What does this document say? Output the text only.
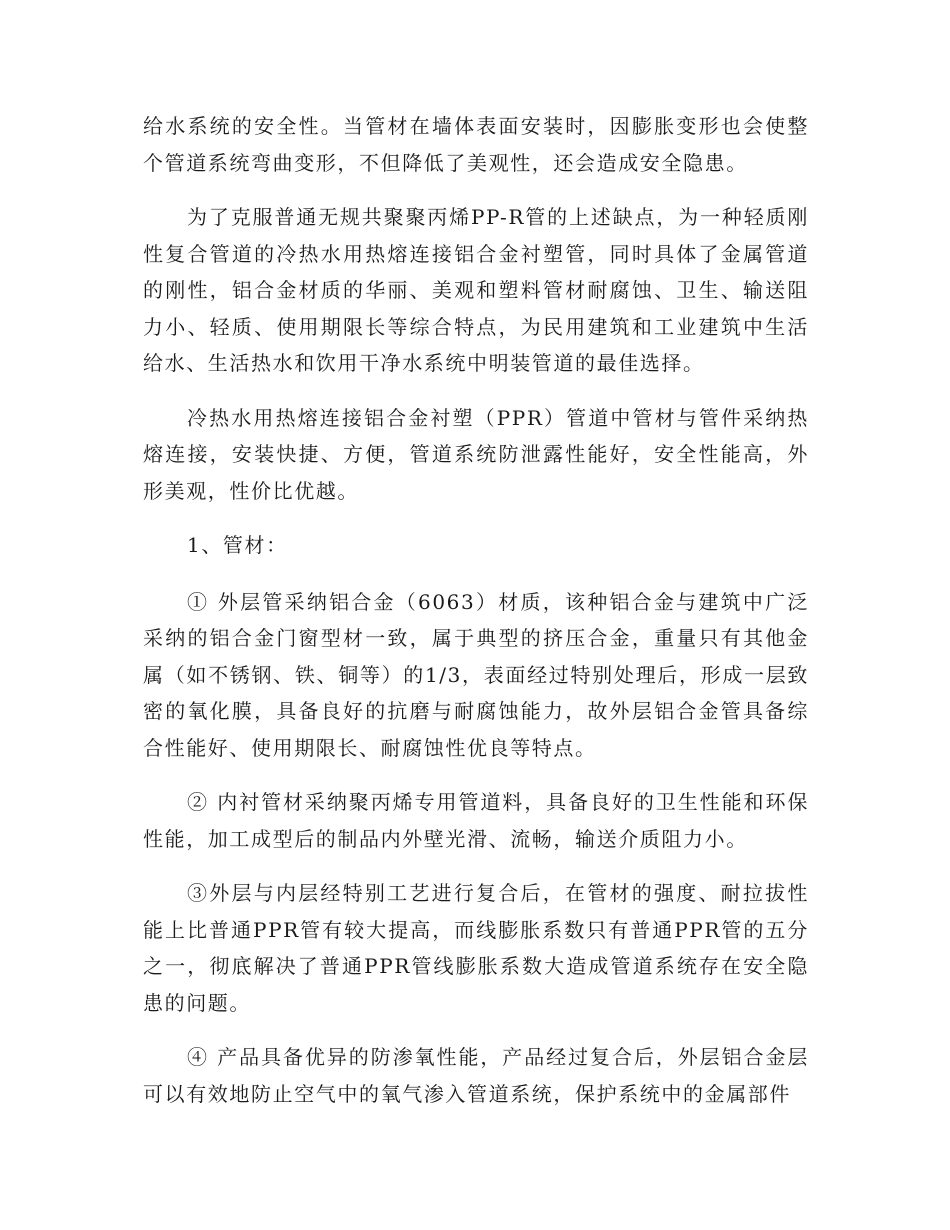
给水系统的安全性。当管材在墙体表面安装时，因膨胀变形也会使整个管道系统弯曲变形，不但降低了美观性，还会造成安全隐患。

为了克服普通无规共聚聚丙烯PP-R管的上述缺点，为一种轻质刚性复合管道的冷热水用热熔连接铝合金衬塑管，同时具体了金属管道的刚性，铝合金材质的华丽、美观和塑料管材耐腐蚀、卫生、输送阻力小、轻质、使用期限长等综合特点，为民用建筑和工业建筑中生活给水、生活热水和饮用干净水系统中明装管道的最佳选择。

冷热水用热熔连接铝合金衬塑（PPR）管道中管材与管件采纳热熔连接，安装快捷、方便，管道系统防泄露性能好，安全性能高，外形美观，性价比优越。

1、管材：

① 外层管采纳铝合金（6063）材质，该种铝合金与建筑中广泛采纳的铝合金门窗型材一致，属于典型的挤压合金，重量只有其他金属（如不锈钢、铁、铜等）的1/3，表面经过特别处理后，形成一层致密的氧化膜，具备良好的抗磨与耐腐蚀能力，故外层铝合金管具备综合性能好、使用期限长、耐腐蚀性优良等特点。

② 内衬管材采纳聚丙烯专用管道料，具备良好的卫生性能和环保性能，加工成型后的制品内外壁光滑、流畅，输送介质阻力小。

③外层与内层经特别工艺进行复合后，在管材的强度、耐拉拔性能上比普通PPR管有较大提高，而线膨胀系数只有普通PPR管的五分之一，彻底解决了普通PPR管线膨胀系数大造成管道系统存在安全隐患的问题。

④ 产品具备优异的防渗氧性能，产品经过复合后，外层铝合金层可以有效地防止空气中的氧气渗入管道系统，保护系统中的金属部件
